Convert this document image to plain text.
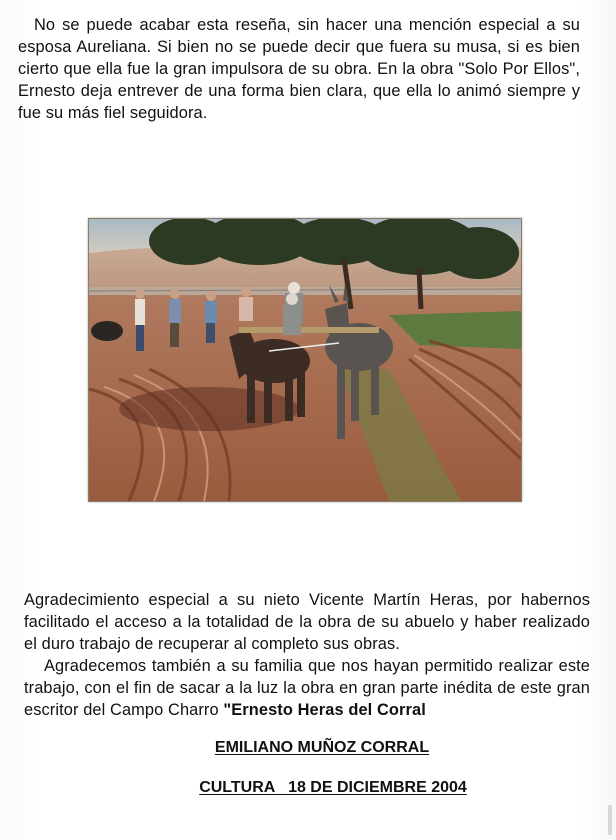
No se puede acabar esta reseña, sin hacer una mención especial a su esposa Aureliana. Si bien no se puede decir que fuera su musa, si es bien cierto que ella fue la gran impulsora de su obra. En la obra "Solo Por Ellos", Ernesto deja entrever de una forma bien clara, que ella lo animó siempre y fue su más fiel seguidora.

Agradecimiento especial a su nieto Vicente Martín Heras, por habernos facilitado el acceso a la totalidad de la obra de su abuelo y haber realizado el duro trabajo de recuperar al completo sus obras.

Agradecemos también a su familia que nos hayan permitido realizar este trabajo, con el fin de sacar a la luz la obra en gran parte inédita de este gran escritor del Campo Charro "Ernesto Heras del Corral

EMILIANO MUÑOZ CORRAL
CULTURA   18 DE DICIEMBRE 2004
